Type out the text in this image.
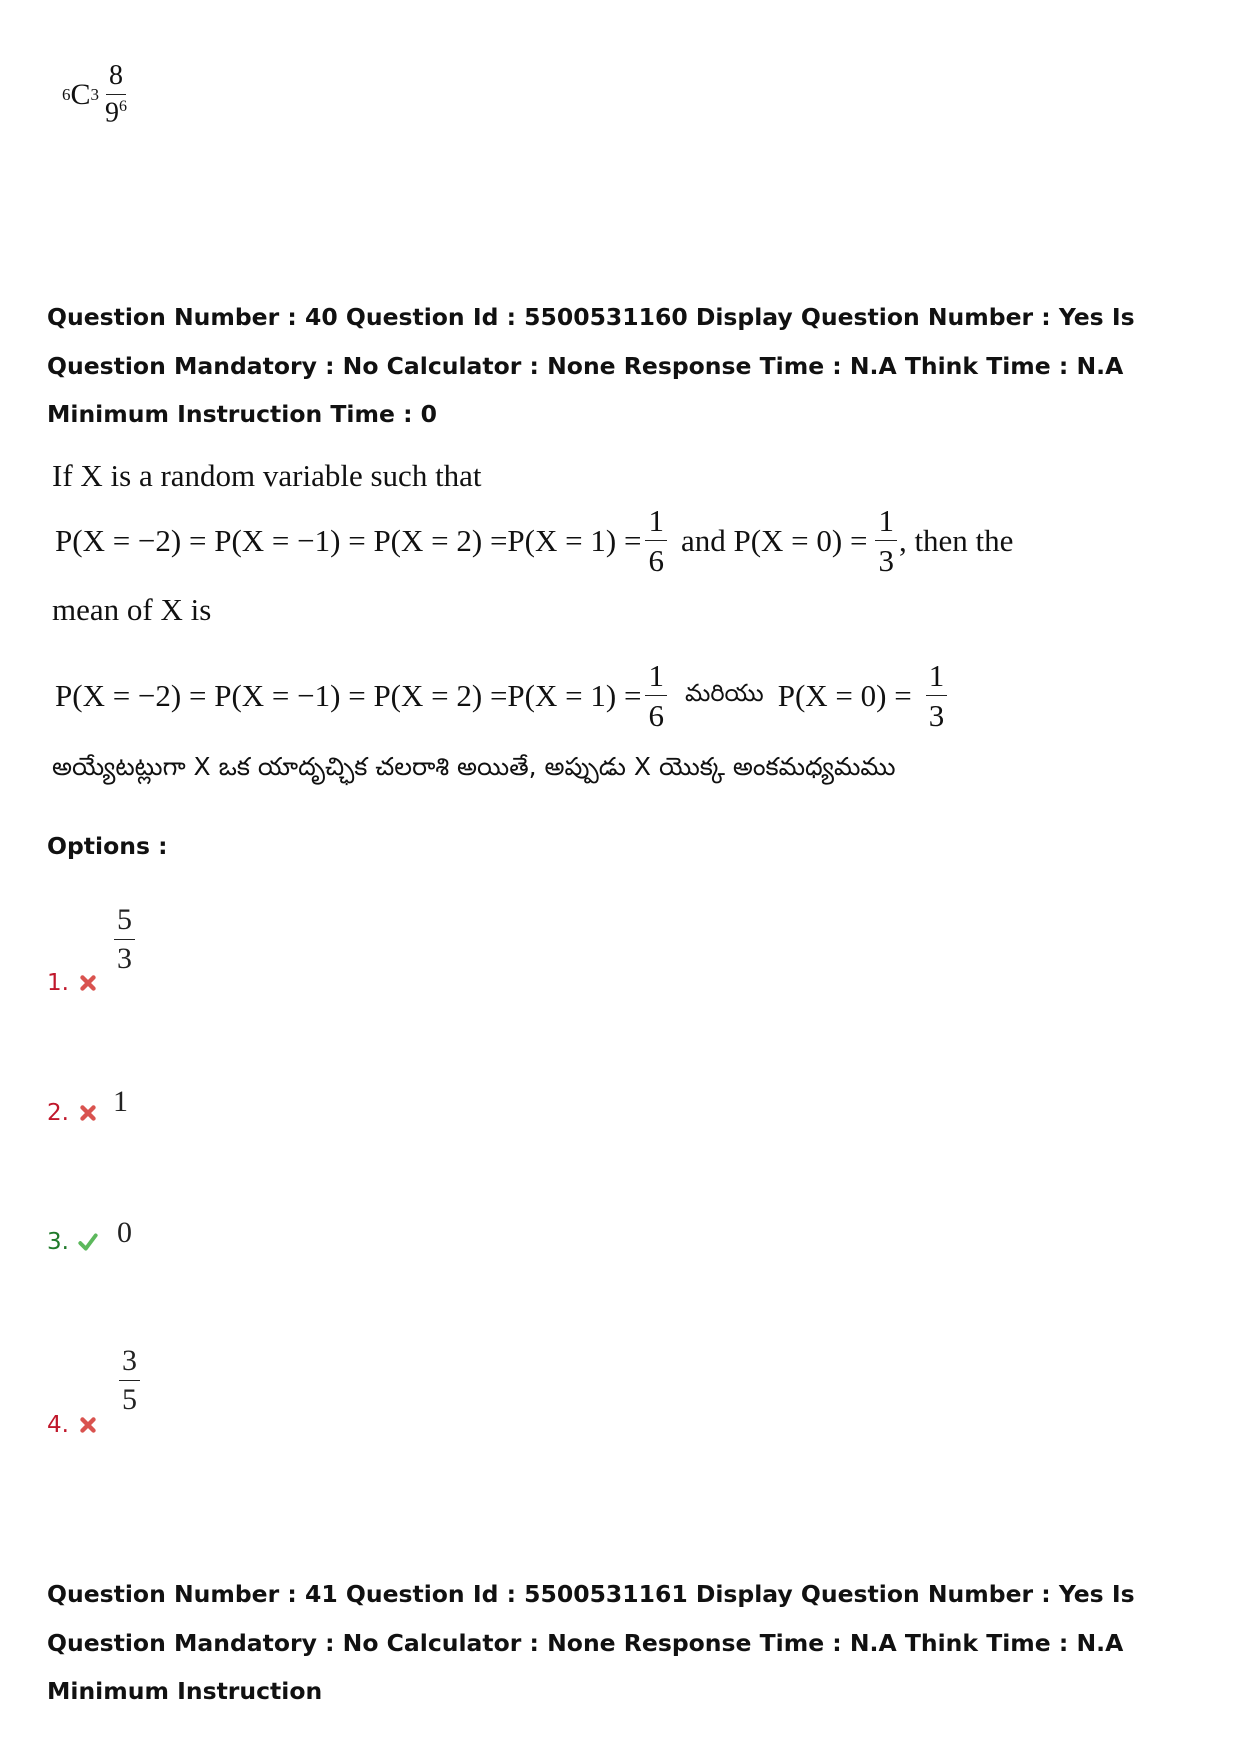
6 C $3 \frac{8}{9^6}$
Question Number : 40 Question Id : 5500531160 Display Question Number : Yes Is Question Mandatory : No Calculator : None Response Time : N.A Think Time : N.A Minimum Instruction Time : 0
If X is a random variable such that
$P(X = -2) = P(X = -1) = P(X = 2) =P(X = 1) = \frac{1}{6}$ and $P(X = 0) = \frac{1}{3}$ , then the
mean of X is
$P(X = -2) = P(X = -1) = P(X = 2) =P(X = 1) = \frac{1}{6}$ మరియు $P(X = 0) = \frac{1}{3}$
అయ్యేటట్లుగా X ఒక యాదృచ్ఛిక చలరాశి అయితే, అప్పుడు X యొక్క అంకమధ్యమము
Options :
1.
$\frac{5}{3}$
2. 1
3. 0
4.
$\frac{3}{5}$
Question Number : 41 Question Id : 5500531161 Display Question Number : Yes Is Question Mandatory : No Calculator : None Response Time : N.A Think Time : N.A Minimum Instruction
